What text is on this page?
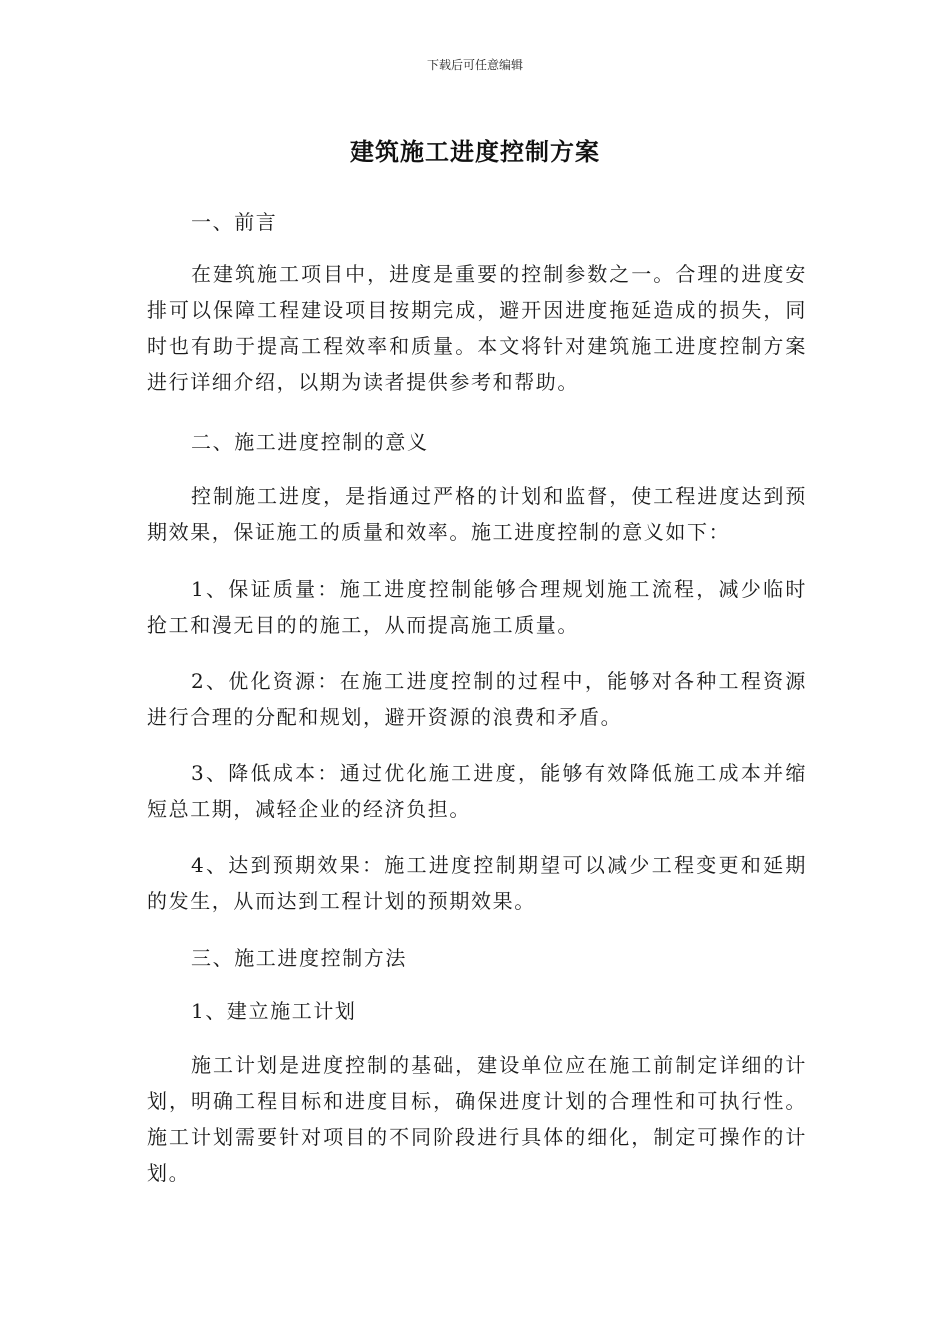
下载后可任意编辑
建筑施工进度控制方案

一、前言

在建筑施工项目中，进度是重要的控制参数之一。合理的进度安排可以保障工程建设项目按期完成，避开因进度拖延造成的损失，同时也有助于提高工程效率和质量。本文将针对建筑施工进度控制方案进行详细介绍，以期为读者提供参考和帮助。

二、施工进度控制的意义

控制施工进度，是指通过严格的计划和监督，使工程进度达到预期效果，保证施工的质量和效率。施工进度控制的意义如下：

1、保证质量：施工进度控制能够合理规划施工流程，减少临时抢工和漫无目的的施工，从而提高施工质量。

2、优化资源：在施工进度控制的过程中，能够对各种工程资源进行合理的分配和规划，避开资源的浪费和矛盾。

3、降低成本：通过优化施工进度，能够有效降低施工成本并缩短总工期，减轻企业的经济负担。

4、达到预期效果：施工进度控制期望可以减少工程变更和延期的发生，从而达到工程计划的预期效果。

三、施工进度控制方法

1、建立施工计划

施工计划是进度控制的基础，建设单位应在施工前制定详细的计划，明确工程目标和进度目标，确保进度计划的合理性和可执行性。施工计划需要针对项目的不同阶段进行具体的细化，制定可操作的计划。
